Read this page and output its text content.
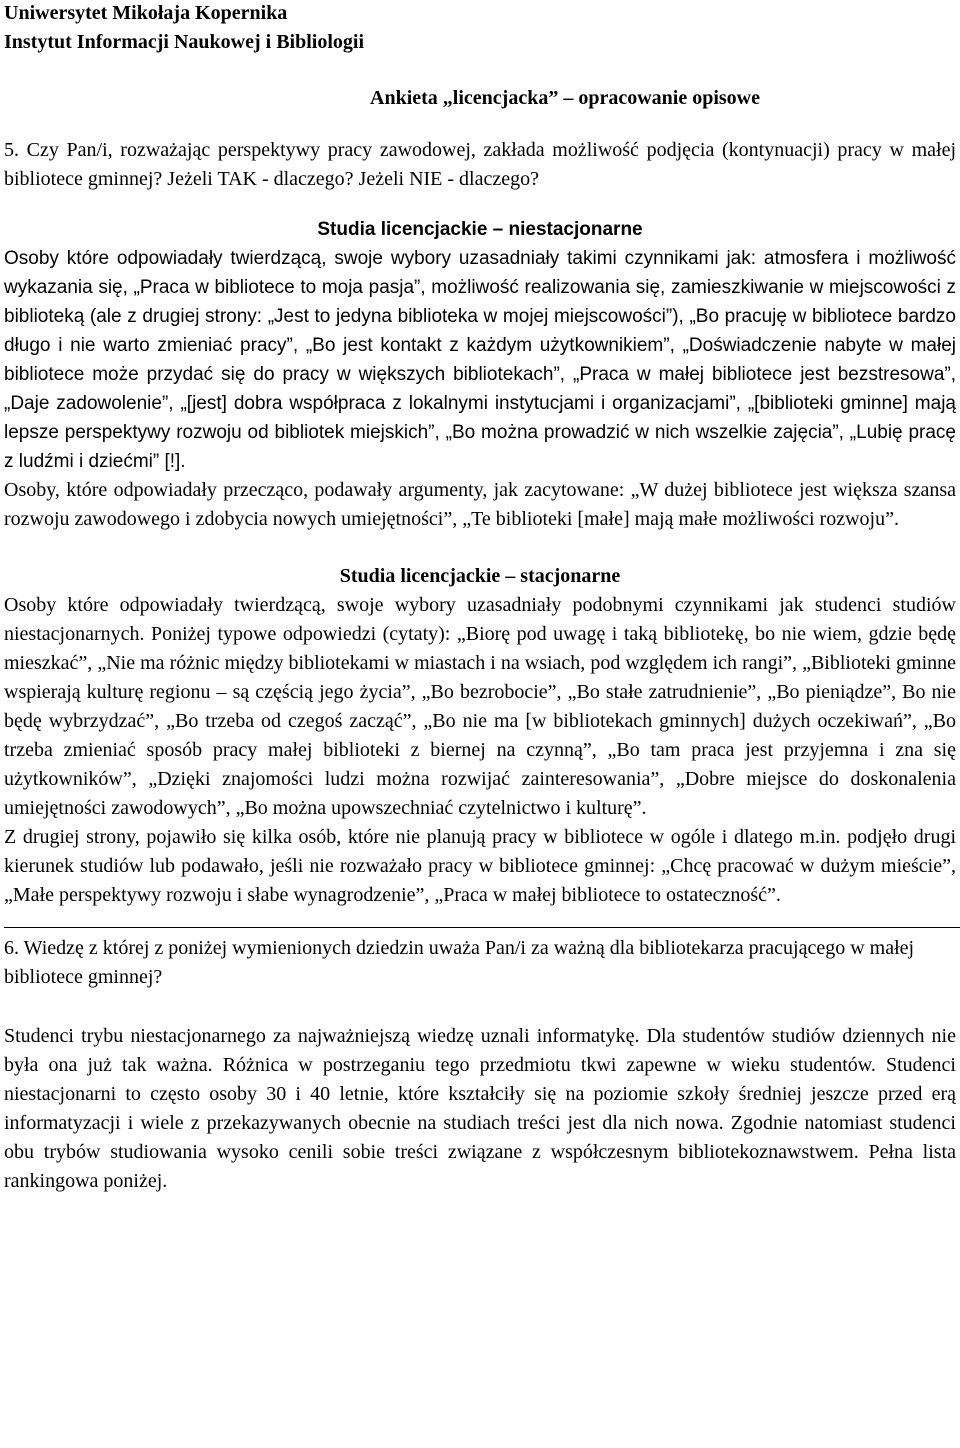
Uniwersytet Mikołaja Kopernika
Instytut Informacji Naukowej i Bibliologii
Ankieta „licencjacka” – opracowanie opisowe
5. Czy Pan/i, rozważając perspektywy pracy zawodowej, zakłada możliwość podjęcia (kontynuacji) pracy w małej bibliotece gminnej? Jeżeli TAK - dlaczego? Jeżeli NIE - dlaczego?
Studia licencjackie – niestacjonarne
Osoby które odpowiadały twierdzącą, swoje wybory uzasadniały takimi czynnikami jak: atmosfera i możliwość wykazania się, „Praca w bibliotece to moja pasja”, możliwość realizowania się, zamieszkiwanie w miejscowości z biblioteką (ale z drugiej strony: „Jest to jedyna biblioteka w mojej miejscowości”), „Bo pracuję w bibliotece bardzo długo i nie warto zmieniać pracy”, „Bo jest kontakt z każdym użytkownikiem”, „Doświadczenie nabyte w małej bibliotece może przydać się do pracy w większych bibliotekach”, „Praca w małej bibliotece jest bezstresowa”, „Daje zadowolenie”, „[jest] dobra współpraca z lokalnymi instytucjami i organizacjami”, „[biblioteki gminne] mają lepsze perspektywy rozwoju od bibliotek miejskich”, „Bo można prowadzić w nich wszelkie zajęcia”, „Lubię pracę z ludźmi i dziećmi” [!].
Osoby, które odpowiadały przecząco, podawały argumenty, jak zacytowane: „W dużej bibliotece jest większa szansa rozwoju zawodowego i zdobycia nowych umiejętności”, „Te biblioteki [małe] mają małe możliwości rozwoju”.
Studia licencjackie – stacjonarne
Osoby które odpowiadały twierdzącą, swoje wybory uzasadniały podobnymi czynnikami jak studenci studiów niestacjonarnych. Poniżej typowe odpowiedzi (cytaty): „Biorę pod uwagę i taką bibliotekę, bo nie wiem, gdzie będę mieszkać”, „Nie ma różnic między bibliotekami w miastach i na wsiach, pod względem ich rangi”, „Biblioteki gminne wspierają kulturę regionu – są częścią jego życia”, „Bo bezrobocie”, „Bo stałe zatrudnienie”, „Bo pieniądze”, Bo nie będę wybrzydzać”, „Bo trzeba od czegoś zacząć”, „Bo nie ma [w bibliotekach gminnych] dużych oczekiwań”, „Bo trzeba zmieniać sposób pracy małej biblioteki z biernej na czynną”, „Bo tam praca jest przyjemna i zna się użytkowników”, „Dzięki znajomości ludzi można rozwijać zainteresowania”, „Dobre miejsce do doskonalenia umiejętności zawodowych”, „Bo można upowszechniać czytelnictwo i kulturę”.
Z drugiej strony, pojawiło się kilka osób, które nie planują pracy w bibliotece w ogóle i dlatego m.in. podjęło drugi kierunek studiów lub podawało, jeśli nie rozważało pracy w bibliotece gminnej: „Chcę pracować w dużym mieście”, „Małe perspektywy rozwoju i słabe wynagrodzenie”, „Praca w małej bibliotece to ostateczność”.
6. Wiedzę z której z poniżej wymienionych dziedzin uważa Pan/i za ważną dla bibliotekarza pracującego w małej bibliotece gminnej?
Studenci trybu niestacjonarnego za najważniejszą wiedzę uznali informatykę. Dla studentów studiów dziennych nie była ona już tak ważna. Różnica w postrzeganiu tego przedmiotu tkwi zapewne w wieku studentów. Studenci niestacjonarni to często osoby 30 i 40 letnie, które kształciły się na poziomie szkoły średniej jeszcze przed erą informatyzacji i wiele z przekazywanych obecnie na studiach treści jest dla nich nowa. Zgodnie natomiast studenci obu trybów studiowania wysoko cenili sobie treści związane z współczesnym bibliotekoznawstwem. Pełna lista rankingowa poniżej.
